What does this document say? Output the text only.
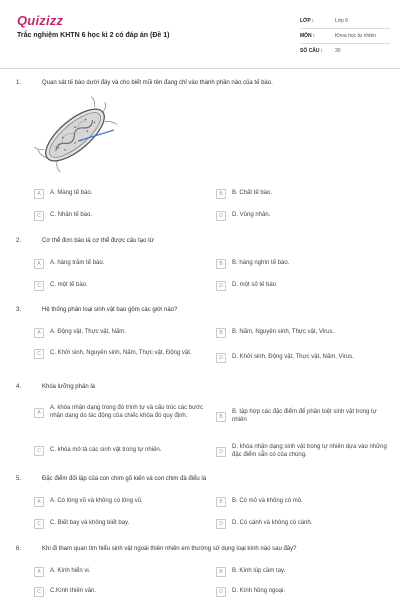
Quizizz
Trắc nghiệm KHTN 6 học kì 2 có đáp án (Đề 1)
LỚP :	Lớp 6
MÔN :	Khoa học tự nhiên
SỐ CÂU :	30
1.	Quan sát tế bào dưới đây và cho biết mũi tên đang chỉ vào thành phần nào của tế bào.
A	A. Màng tế bào.	B	B. Chất tế bào.
C	C. Nhân tế bào.	D	D. Vùng nhân.
2.	Cơ thể đơn bào là cơ thể được cấu tạo từ
A	A. hàng trăm tế bào.	B	B. hàng nghìn tế bào.
C	C. một tế bào.	D	D. một số tế bào
3.	Hệ thống phân loại sinh vật bao gồm các giới nào?
A	A. Động vật, Thực vật, Nấm.	B	B. Nấm, Nguyên sinh, Thực vật, Virus.
C	C. Khởi sinh, Nguyên sinh, Nấm, Thực vật, Động vật.
D	D. Khởi sinh, Động vật, Thực vật, Nấm, Virus.
4.	Khóa lưỡng phân là
A
A. khóa nhận dạng trong đó trình tự và cấu trúc các bước nhận dạng do tác động của chiếc khóa đó quy định.	B
B. tập hợp các đặc điểm để phân biệt sinh vật trong tự nhiên
C	C. khóa mô tả các sinh vật trong tự nhiên.	D
D. khóa nhận dạng sinh vật trong tự nhiên dựa vào những đặc điểm sẵn có của chúng.
5.	Đặc điểm đối lập của con chim gõ kiến và con chim đà điểu là
A	A. Có lông vũ và không có lông vũ.	B	B. Có mỏ và không có mỏ.
C	C. Biết bay và không biết bay.	D	D. Có cánh và không có cánh.
6.	Khi đi tham quan tìm hiểu sinh vật ngoài thiên nhiên em thường sử dụng loại kính nào sau đây?
A	A. Kính hiển vi.	B	B. Kính lúp cầm tay.
C	C.Kính thiên văn.	D	D. Kính hồng ngoại.
